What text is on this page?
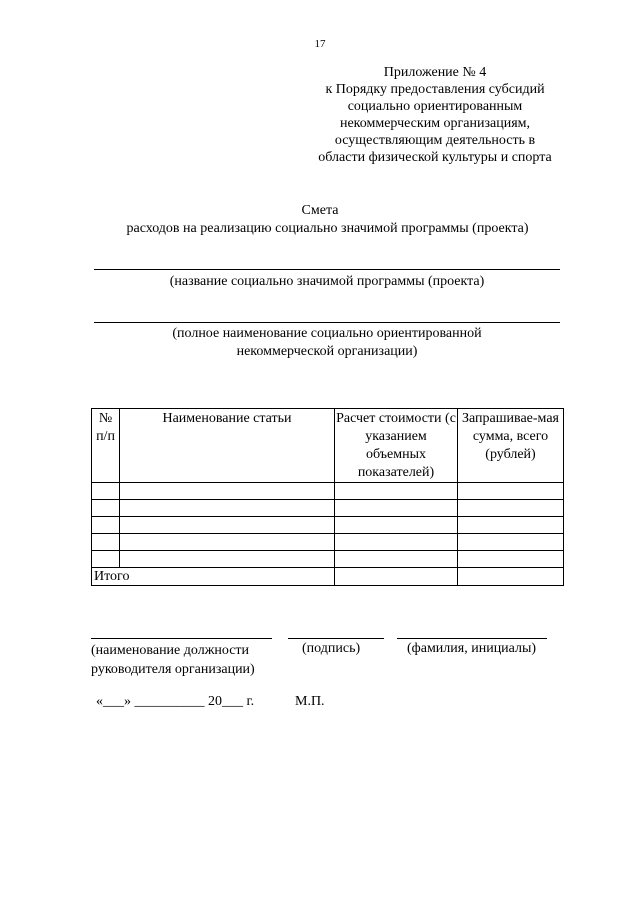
17
Приложение № 4
к Порядку предоставления субсидий
социально ориентированным
некоммерческим организациям,
осуществляющим деятельность в
области физической культуры и спорта
Смета
расходов на реализацию социально значимой программы (проекта)
(название социально значимой программы (проекта)
(полное наименование социально ориентированной
некоммерческой организации)
№ п/п	Наименование статьи	Расчет стоимости (с указанием объемных показателей)	Запрашивае-мая сумма, всего (рублей)

Итого			
(наименование должности
руководителя организации)
(подпись)	(фамилия, инициалы)
«___» __________ 20___ г.	М.П.
